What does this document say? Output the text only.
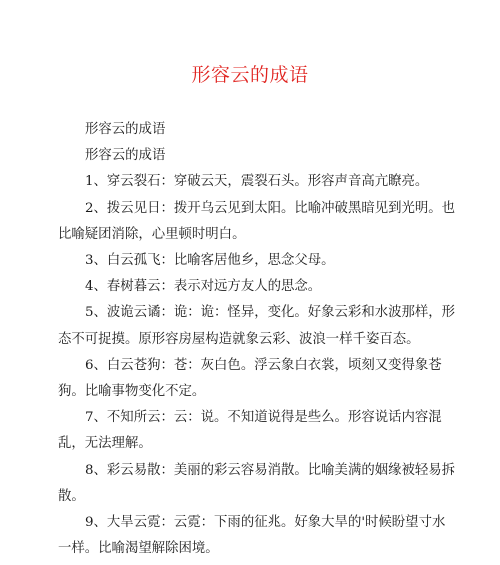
形容云的成语

形容云的成语

形容云的成语

1、穿云裂石：穿破云天，震裂石头。形容声音高亢瞭亮。

2、拨云见日：拨开乌云见到太阳。比喻冲破黑暗见到光明。也比喻疑团消除，心里顿时明白。

3、白云孤飞：比喻客居他乡，思念父母。

4、春树暮云：表示对远方友人的思念。

5、波诡云谲：诡：诡：怪异，变化。好象云彩和水波那样，形态不可捉摸。原形容房屋构造就象云彩、波浪一样千姿百态。

6、白云苍狗：苍：灰白色。浮云象白衣裳，顷刻又变得象苍狗。比喻事物变化不定。

7、不知所云：云：说。不知道说得是些么。形容说话内容混乱，无法理解。

8、彩云易散：美丽的彩云容易消散。比喻美满的姻缘被轻易拆散。

9、大旱云霓：云霓：下雨的征兆。好象大旱的'时候盼望寸水一样。比喻渴望解除困境。
